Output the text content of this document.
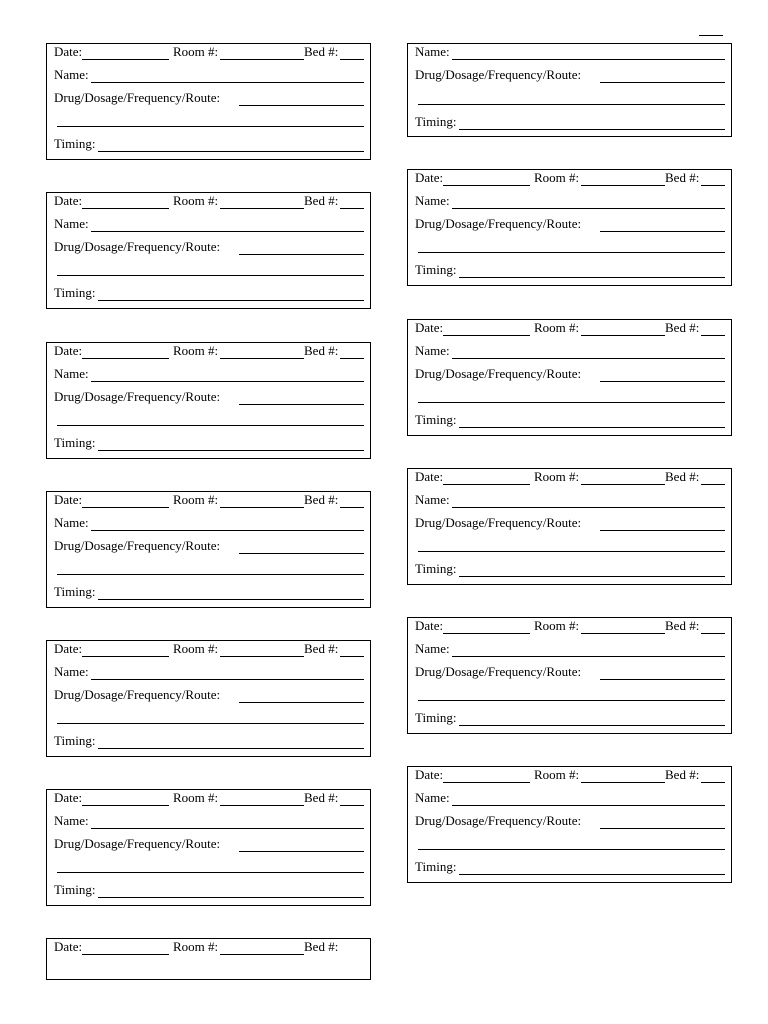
Date:	Room #:	Bed #:
Name:
Drug/Dosage/Frequency/Route:
Timing:
Date:	Room #:	Bed #:
Name:
Drug/Dosage/Frequency/Route:
Timing:
Date:	Room #:	Bed #:
Name:
Drug/Dosage/Frequency/Route:
Timing:
Date:	Room #:	Bed #:
Name:
Drug/Dosage/Frequency/Route:
Timing:
Date:	Room #:	Bed #:
Name:
Drug/Dosage/Frequency/Route:
Timing:
Date:	Room #:	Bed #:
Name:
Drug/Dosage/Frequency/Route:
Timing:
Date:	Room #:	Bed #:
Name:
Drug/Dosage/Frequency/Route:
Timing:
Date:	Room #:	Bed #:
Name:
Drug/Dosage/Frequency/Route:
Timing:
Date:	Room #:	Bed #:
Name:
Drug/Dosage/Frequency/Route:
Timing:
Date:	Room #:	Bed #:
Name:
Drug/Dosage/Frequency/Route:
Timing:
Date:	Room #:	Bed #:
Name:
Drug/Dosage/Frequency/Route:
Timing:
Date:	Room #:	Bed #:
Name:
Drug/Dosage/Frequency/Route:
Timing:
